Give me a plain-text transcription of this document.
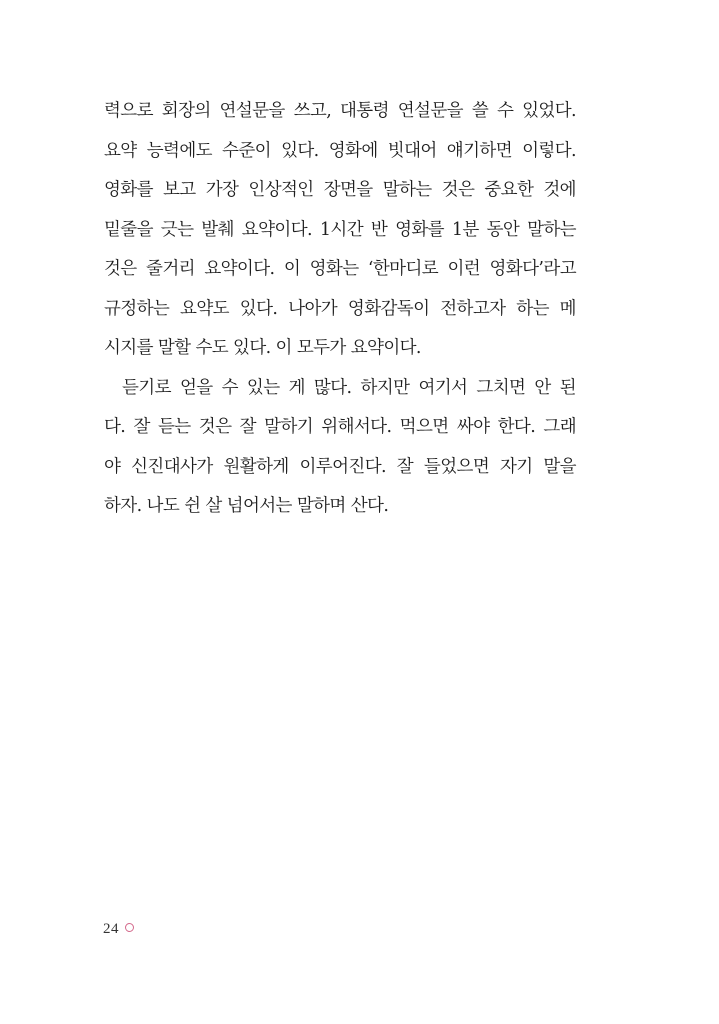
력으로 회장의 연설문을 쓰고, 대통령 연설문을 쓸 수 있었다.
요약 능력에도 수준이 있다. 영화에 빗대어 얘기하면 이렇다.
영화를 보고 가장 인상적인 장면을 말하는 것은 중요한 것에
밑줄을 긋는 발췌 요약이다. 1시간 반 영화를 1분 동안 말하는
것은 줄거리 요약이다. 이 영화는 ‘한마디로 이런 영화다’라고
규정하는 요약도 있다. 나아가 영화감독이 전하고자 하는 메
시지를 말할 수도 있다. 이 모두가 요약이다.
듣기로 얻을 수 있는 게 많다. 하지만 여기서 그치면 안 된
다. 잘 듣는 것은 잘 말하기 위해서다. 먹으면 싸야 한다. 그래
야 신진대사가 원활하게 이루어진다. 잘 들었으면 자기 말을
하자. 나도 쉰 살 넘어서는 말하며 산다.
24
